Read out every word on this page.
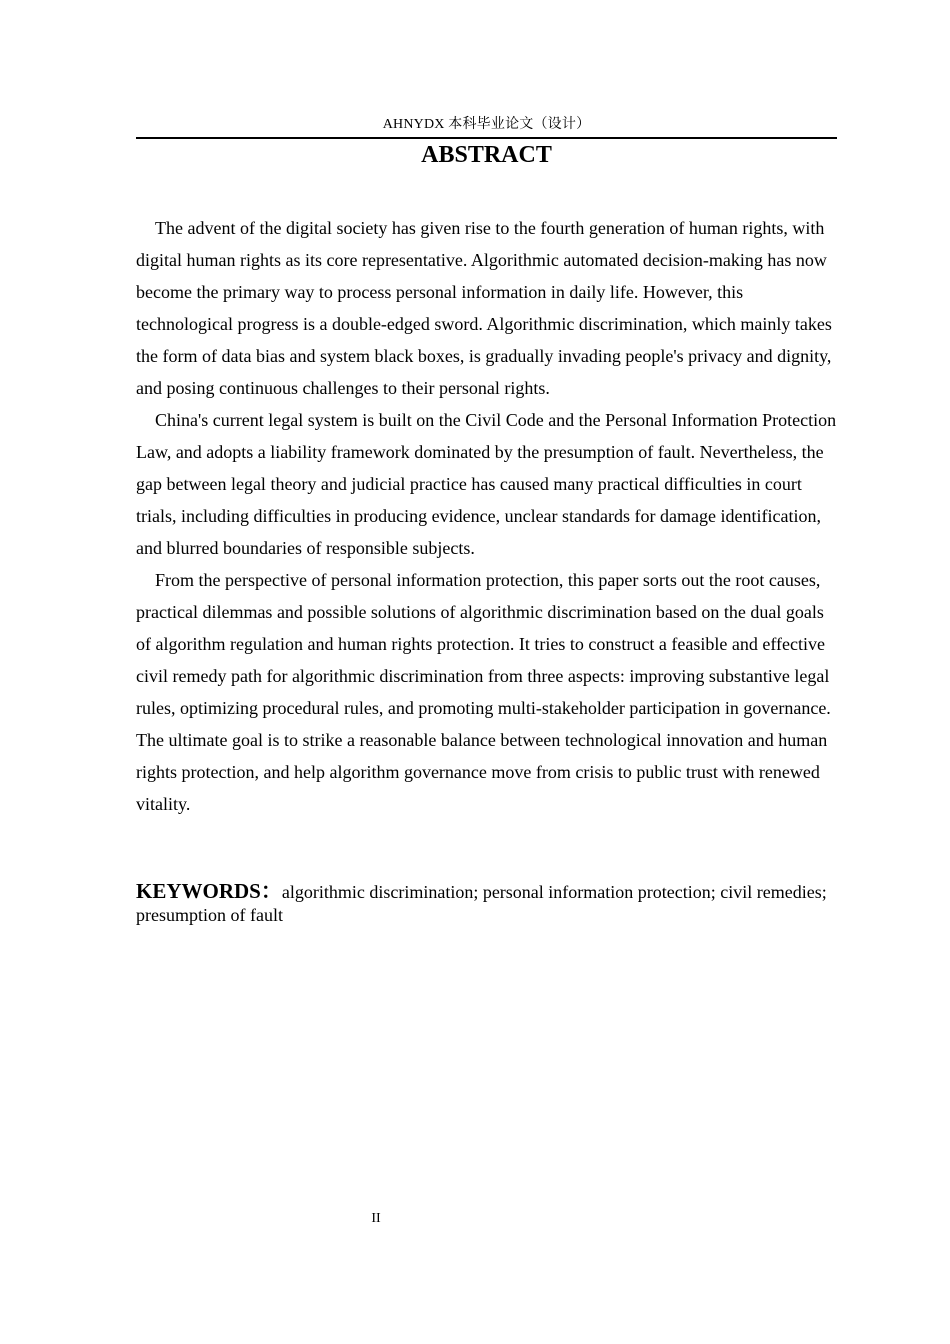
AHNYDX 本科毕业论文（设计）
ABSTRACT

The advent of the digital society has given rise to the fourth generation of human rights, with digital human rights as its core representative. Algorithmic automated decision-making has now become the primary way to process personal information in daily life. However, this technological progress is a double-edged sword. Algorithmic discrimination, which mainly takes the form of data bias and system black boxes, is gradually invading people's privacy and dignity, and posing continuous challenges to their personal rights.

China's current legal system is built on the Civil Code and the Personal Information Protection Law, and adopts a liability framework dominated by the presumption of fault. Nevertheless, the gap between legal theory and judicial practice has caused many practical difficulties in court trials, including difficulties in producing evidence, unclear standards for damage identification, and blurred boundaries of responsible subjects.

From the perspective of personal information protection, this paper sorts out the root causes, practical dilemmas and possible solutions of algorithmic discrimination based on the dual goals of algorithm regulation and human rights protection. It tries to construct a feasible and effective civil remedy path for algorithmic discrimination from three aspects: improving substantive legal rules, optimizing procedural rules, and promoting multi-stakeholder participation in governance. The ultimate goal is to strike a reasonable balance between technological innovation and human rights protection, and help algorithm governance move from crisis to public trust with renewed vitality.

KEYWORDS：algorithmic discrimination; personal information protection; civil remedies; presumption of fault
II
